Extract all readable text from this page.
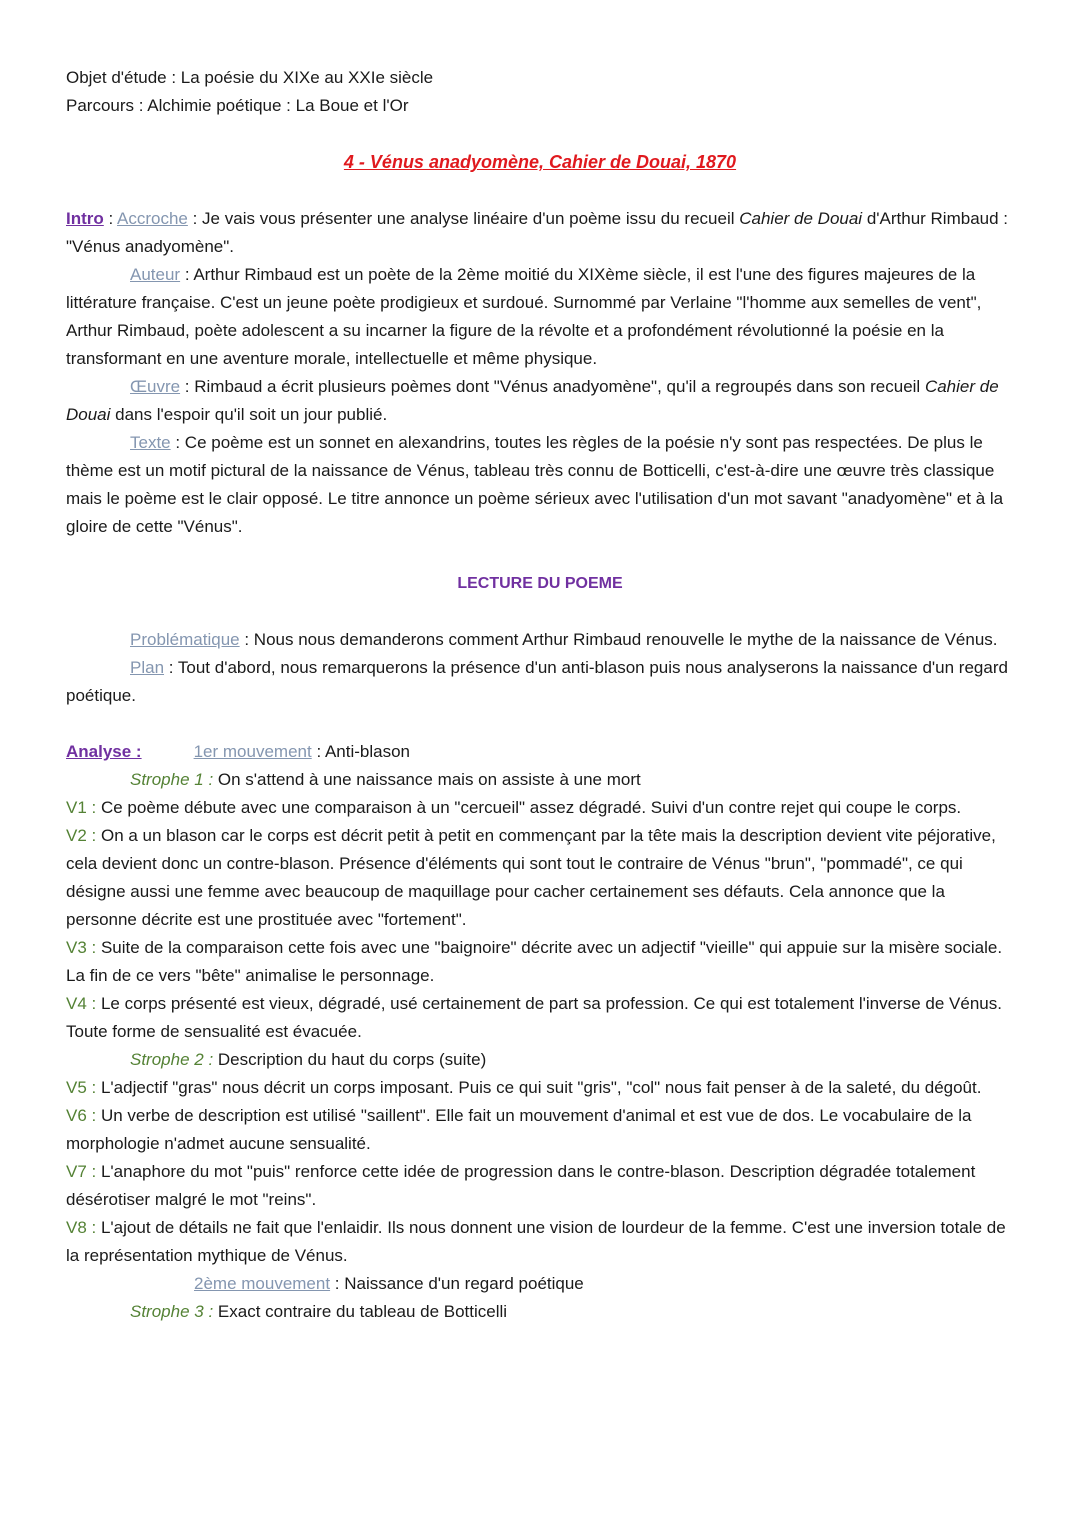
Objet d'étude : La poésie du XIXe au XXIe siècle

Parcours : Alchimie poétique : La Boue et l'Or

4 - Vénus anadyomène, Cahier de Douai, 1870

Intro : Accroche : Je vais vous présenter une analyse linéaire d'un poème issu du recueil Cahier de Douai d'Arthur Rimbaud : "Vénus anadyomène".

Auteur : Arthur Rimbaud est un poète de la 2ème moitié du XIXème siècle, il est l'une des figures majeures de la littérature française. C'est un jeune poète prodigieux et surdoué. Surnommé par Verlaine "l'homme aux semelles de vent", Arthur Rimbaud, poète adolescent a su incarner la figure de la révolte et a profondément révolutionné la poésie en la transformant en une aventure morale, intellectuelle et même physique.

Œuvre : Rimbaud a écrit plusieurs poèmes dont "Vénus anadyomène", qu'il a regroupés dans son recueil Cahier de Douai dans l'espoir qu'il soit un jour publié.

Texte : Ce poème est un sonnet en alexandrins, toutes les règles de la poésie n'y sont pas respectées. De plus le thème est un motif pictural de la naissance de Vénus, tableau très connu de Botticelli, c'est-à-dire une œuvre très classique mais le poème est le clair opposé. Le titre annonce un poème sérieux avec l'utilisation d'un mot savant "anadyomène" et à la gloire de cette "Vénus".

LECTURE DU POEME

Problématique : Nous nous demanderons comment Arthur Rimbaud renouvelle le mythe de la naissance de Vénus.

Plan : Tout d'abord, nous remarquerons la présence d'un anti-blason puis nous analyserons la naissance d'un regard poétique.

Analyse :	1er mouvement : Anti-blason

Strophe 1 : On s'attend à une naissance mais on assiste à une mort

V1 : Ce poème débute avec une comparaison à un "cercueil" assez dégradé. Suivi d'un contre rejet qui coupe le corps.

V2 : On a un blason car le corps est décrit petit à petit en commençant par la tête mais la description devient vite péjorative, cela devient donc un contre-blason. Présence d'éléments qui sont tout le contraire de Vénus "brun", "pommadé", ce qui désigne aussi une femme avec beaucoup de maquillage pour cacher certainement ses défauts. Cela annonce que la personne décrite est une prostituée avec "fortement".

V3 : Suite de la comparaison cette fois avec une "baignoire" décrite avec un adjectif "vieille" qui appuie sur la misère sociale. La fin de ce vers "bête" animalise le personnage.

V4 : Le corps présenté est vieux, dégradé, usé certainement de part sa profession. Ce qui est totalement l'inverse de Vénus. Toute forme de sensualité est évacuée.

Strophe 2 : Description du haut du corps (suite)

V5 : L'adjectif "gras" nous décrit un corps imposant. Puis ce qui suit "gris", "col" nous fait penser à de la saleté, du dégoût.

V6 : Un verbe de description est utilisé "saillent". Elle fait un mouvement d'animal et est vue de dos. Le vocabulaire de la morphologie n'admet aucune sensualité.

V7 : L'anaphore du mot "puis" renforce cette idée de progression dans le contre-blason. Description dégradée totalement désérotiser malgré le mot "reins".

V8 : L'ajout de détails ne fait que l'enlaidir. Ils nous donnent une vision de lourdeur de la femme. C'est une inversion totale de la représentation mythique de Vénus.

2ème mouvement : Naissance d'un regard poétique

Strophe 3 : Exact contraire du tableau de Botticelli
